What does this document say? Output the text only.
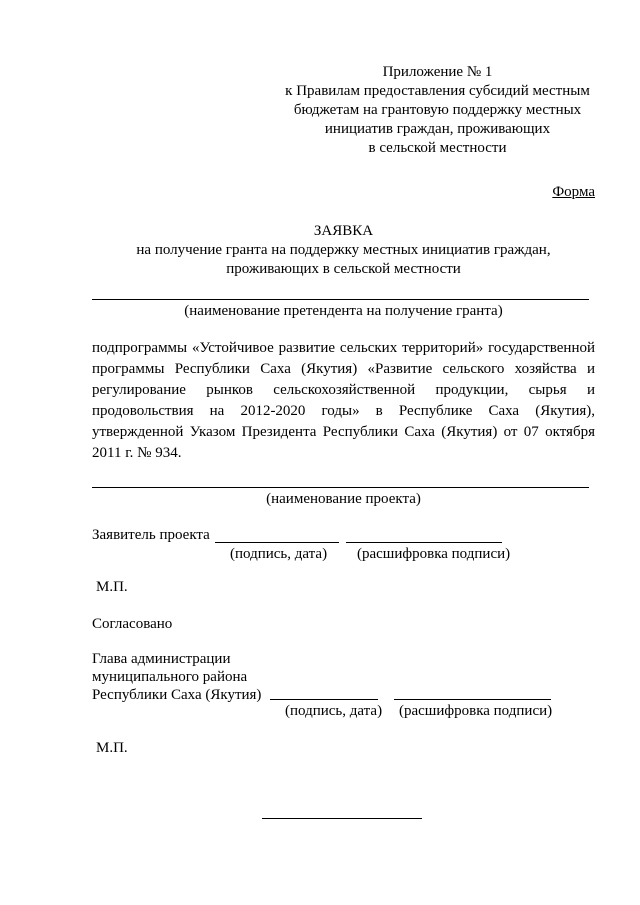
Приложение № 1
к Правилам предоставления субсидий местным
бюджетам на грантовую поддержку местных
инициатив граждан, проживающих
в сельской местности
Форма
ЗАЯВКА
на получение гранта на поддержку местных инициатив граждан,
проживающих в сельской местности
(наименование претендента на получение гранта)
подпрограммы «Устойчивое развитие сельских территорий» государственной
программы Республики Саха (Якутия) «Развитие сельского хозяйства и
регулирование рынков сельскохозяйственной продукции, сырья и
продовольствия на 2012-2020 годы» в Республике Саха (Якутия),
утвержденной Указом Президента Республики Саха (Якутия) от 07 октября
2011 г. № 934.
(наименование проекта)
Заявитель проекта
(подпись, дата) (расшифровка подписи)
М.П.
Согласовано
Глава администрации
муниципального района
Республики Саха (Якутия)
(подпись, дата) (расшифровка подписи)
М.П.
